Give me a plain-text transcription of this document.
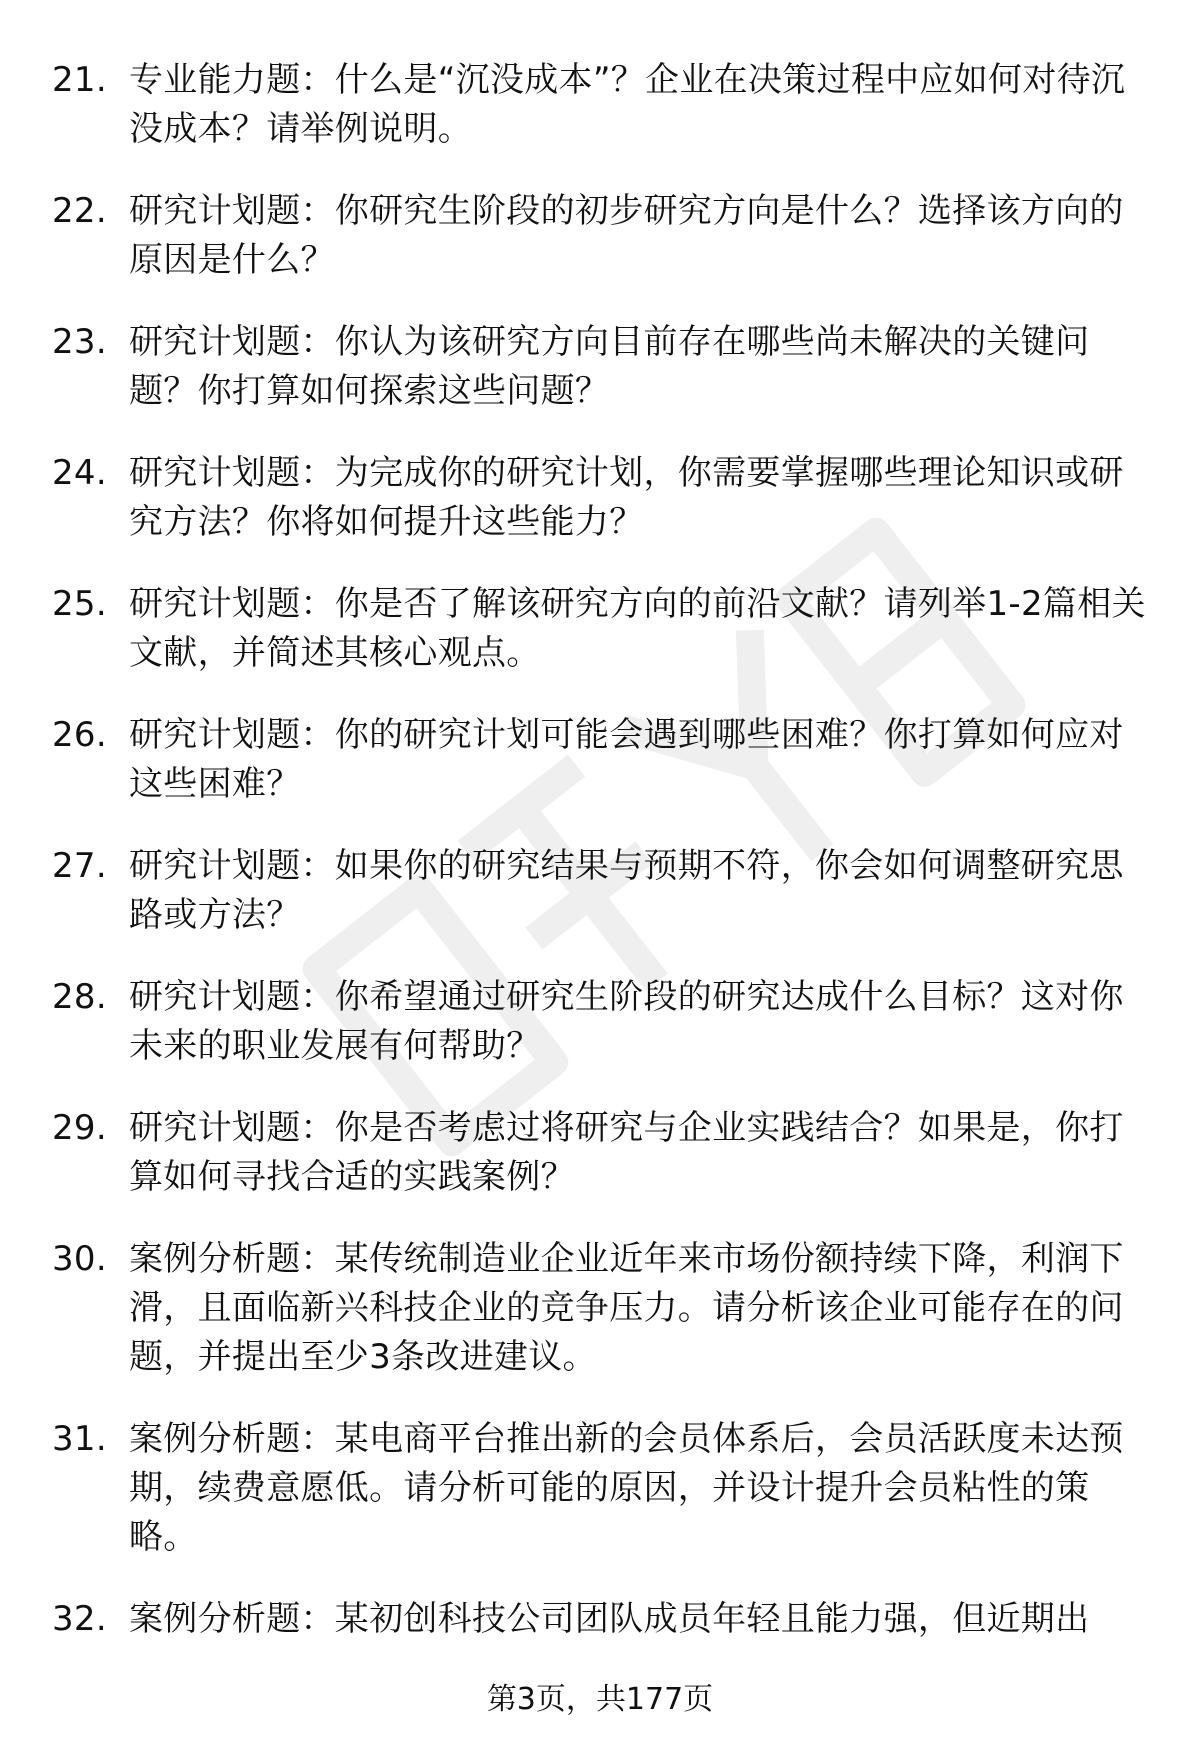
21. 专业能力题：什么是“沉没成本”？企业在决策过程中应如何对待沉没成本？请举例说明。
22. 研究计划题：你研究生阶段的初步研究方向是什么？选择该方向的原因是什么？
23. 研究计划题：你认为该研究方向目前存在哪些尚未解决的关键问题？你打算如何探索这些问题？
24. 研究计划题：为完成你的研究计划，你需要掌握哪些理论知识或研究方法？你将如何提升这些能力？
25. 研究计划题：你是否了解该研究方向的前沿文献？请列举1-2篇相关文献，并简述其核心观点。
26. 研究计划题：你的研究计划可能会遇到哪些困难？你打算如何应对这些困难？
27. 研究计划题：如果你的研究结果与预期不符，你会如何调整研究思路或方法？
28. 研究计划题：你希望通过研究生阶段的研究达成什么目标？这对你未来的职业发展有何帮助？
29. 研究计划题：你是否考虑过将研究与企业实践结合？如果是，你打算如何寻找合适的实践案例？
30. 案例分析题：某传统制造业企业近年来市场份额持续下降，利润下滑，且面临新兴科技企业的竞争压力。请分析该企业可能存在的问题，并提出至少3条改进建议。
31. 案例分析题：某电商平台推出新的会员体系后，会员活跃度未达预期，续费意愿低。请分析可能的原因，并设计提升会员粘性的策略。
32. 案例分析题：某初创科技公司团队成员年轻且能力强，但近期出
第3页，共177页
